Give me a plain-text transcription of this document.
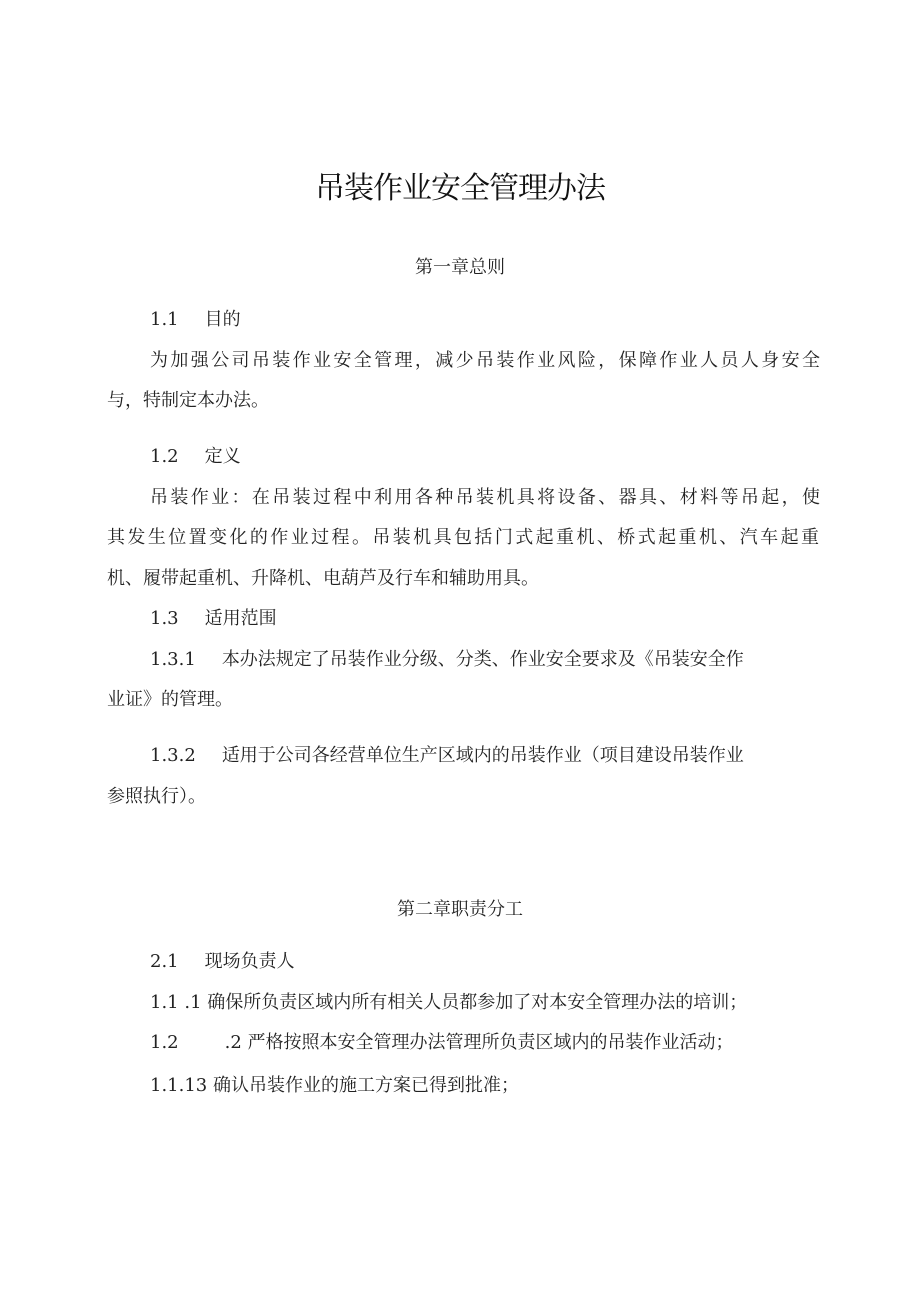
吊装作业安全管理办法
第一章总则
1.1 目的
为加强公司吊装作业安全管理，减少吊装作业风险，保障作业人员人身安全
与，特制定本办法。
1.2 定义
吊装作业：在吊装过程中利用各种吊装机具将设备、器具、材料等吊起，使
其发生位置变化的作业过程。吊装机具包括门式起重机、桥式起重机、汽车起重
机、履带起重机、升降机、电葫芦及行车和辅助用具。
1.3 适用范围
1.3.1 本办法规定了吊装作业分级、分类、作业安全要求及《吊装安全作
业证》的管理。
1.3.2 适用于公司各经营单位生产区域内的吊装作业（项目建设吊装作业
参照执行）。
第二章职责分工
2.1 现场负责人
1.1 .1 确保所负责区域内所有相关人员都参加了对本安全管理办法的培训；
1.2	.2 严格按照本安全管理办法管理所负责区域内的吊装作业活动；
1.1.13 确认吊装作业的施工方案已得到批准；
